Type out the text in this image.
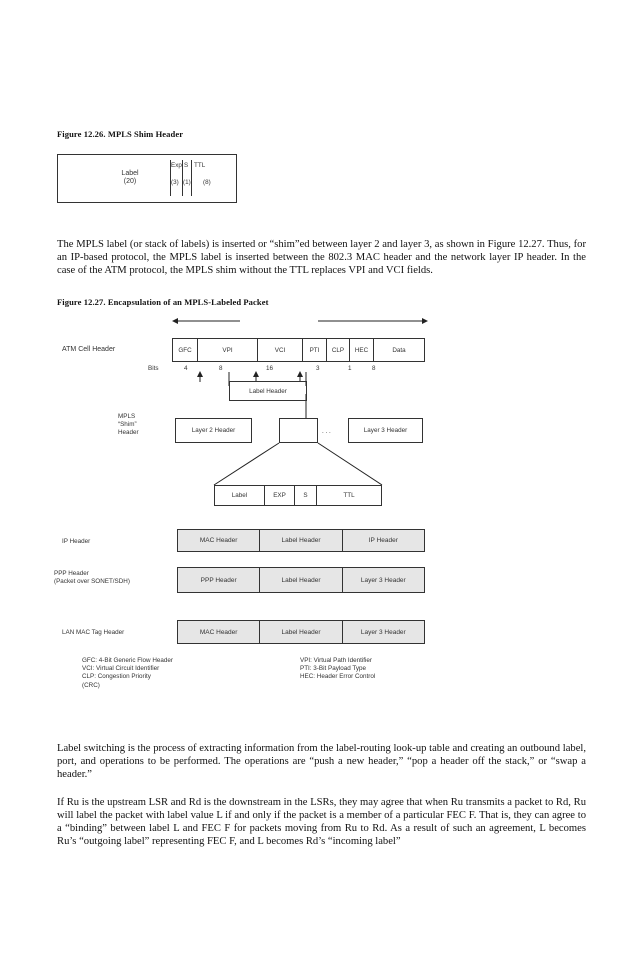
Figure 12.26. MPLS Shim Header
Label
(20)
Exp S TTL
(3) (1) (8)

The MPLS label (or stack of labels) is inserted or “shim”ed between layer 2 and layer 3, as shown in Figure 12.27. Thus, for an IP-based protocol, the MPLS label is inserted between the 802.3 MAC header and the network layer IP header. In the case of the ATM protocol, the MPLS shim without the TTL replaces VPI and VCI fields.

Figure 12.27. Encapsulation of an MPLS-Labeled Packet
ATM Cell Header	GFC	VPI	VCI	PTI	CLP	HEC	Data
Bits	4	8	16	3	1	8
Label Header
MPLS
“Shim”
Header	Layer 2 Header	. . .	Layer 3 Header
Label	EXP	S	TTL
IP Header	MAC Header	Label Header	IP Header
PPP Header
(Packet over SONET/SDH)	PPP Header	Label Header	Layer 3 Header
LAN MAC Tag Header	MAC Header	Label Header	Layer 3 Header
GFC: 4-Bit Generic Flow Header
VCI: Virtual Circuit Identifier
CLP: Congestion Priority
(CRC)
VPI: Virtual Path Identifier
PTI: 3-Bit Payload Type
HEC: Header Error Control

Label switching is the process of extracting information from the label-routing look-up table and creating an outbound label, port, and operations to be performed. The operations are “push a new header,” “pop a header off the stack,” or “swap a header.”

If Ru is the upstream LSR and Rd is the downstream in the LSRs, they may agree that when Ru transmits a packet to Rd, Ru will label the packet with label value L if and only if the packet is a member of a particular FEC F. That is, they can agree to a “binding” between label L and FEC F for packets moving from Ru to Rd. As a result of such an agreement, L becomes Ru’s “outgoing label” representing FEC F, and L becomes Rd’s “incoming label”
